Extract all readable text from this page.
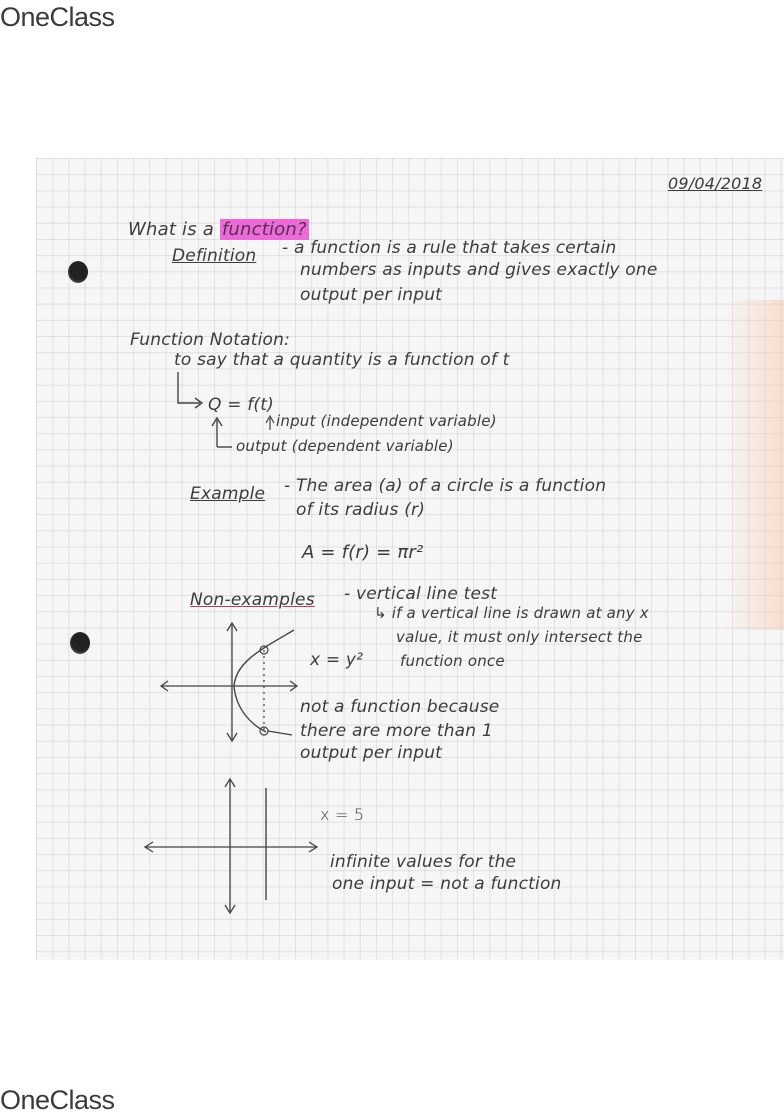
OneClass
09/04/2018
What is a function?
Definition - a function is a rule that takes certain
numbers as inputs and gives exactly one
output per input
Function Notation:
to say that a quantity is a function of t
Q = f(t)
input (independent variable)
output (dependent variable)
Example - The area (a) of a circle is a function
of its radius (r)
A = f(r) = πr²
Non-examples - vertical line test
↳ if a vertical line is drawn at any x
value, it must only intersect the
function once
x = y²
not a function because
there are more than 1
output per input
x = 5
infinite values for the
one input = not a function
OneClass
